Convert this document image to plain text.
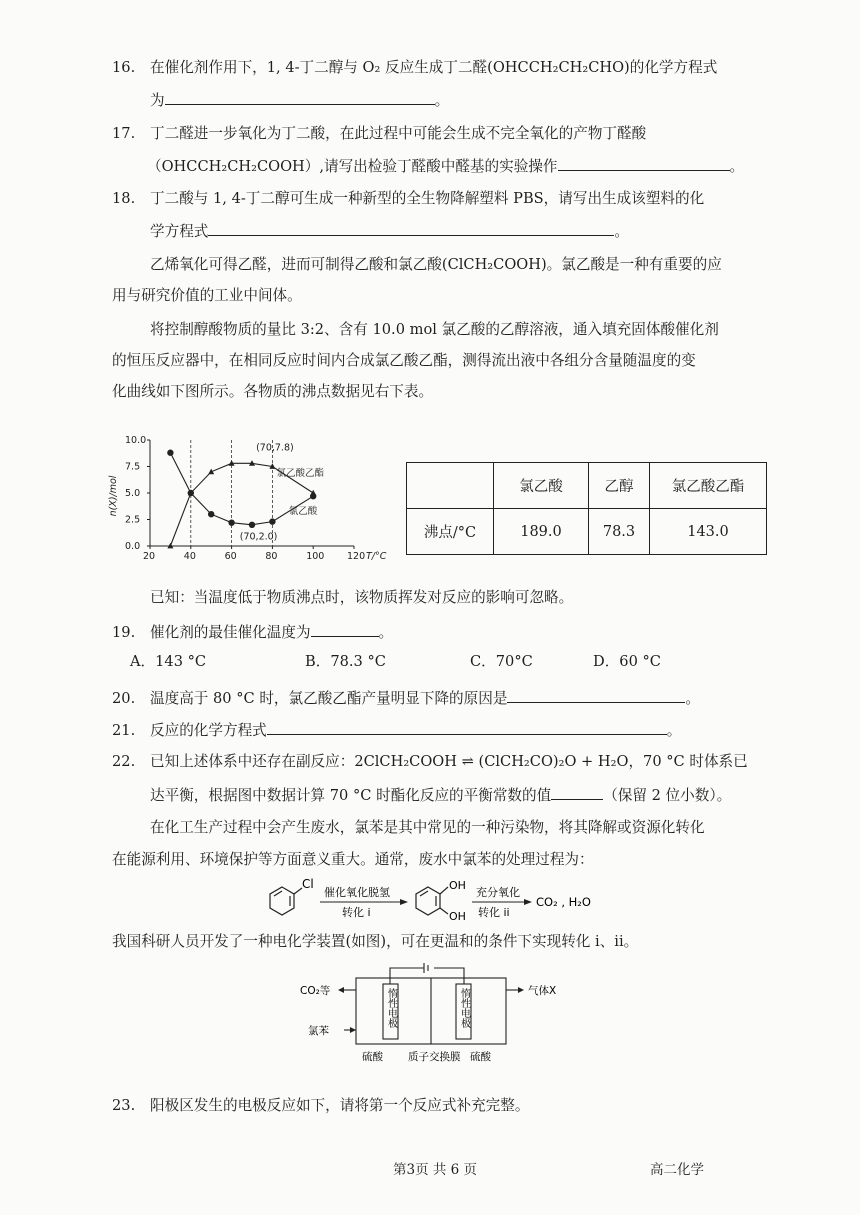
16. 在催化剂作用下，1, 4-丁二醇与 O₂ 反应生成丁二醛(OHCCH₂CH₂CHO)的化学方程式
为	。
17. 丁二醛进一步氧化为丁二酸，在此过程中可能会生成不完全氧化的产物丁醛酸
（OHCCH₂CH₂COOH）,请写出检验丁醛酸中醛基的实验操作	。
18. 丁二酸与 1, 4-丁二醇可生成一种新型的全生物降解塑料 PBS，请写出生成该塑料的化
学方程式	。
乙烯氧化可得乙醛，进而可制得乙酸和氯乙酸(ClCH₂COOH)。氯乙酸是一种有重要的应
用与研究价值的工业中间体。
将控制醇酸物质的量比 3:2、含有 10.0 mol 氯乙酸的乙醇溶液，通入填充固体酸催化剂
的恒压反应器中，在相同反应时间内合成氯乙酸乙酯，测得流出液中各组分含量随温度的变
化曲线如下图所示。各物质的沸点数据见右下表。
20	40	60	80	100 120
0.0
2.5
5.0
7.5
10.0
T/°C
n(X)/mol
氯乙酸乙酯
氯乙酸
(70,7.8)
(70,2.0)
	氯乙酸	乙醇	氯乙酸乙酯
沸点/°C	189.0	78.3	143.0
已知：当温度低于物质沸点时，该物质挥发对反应的影响可忽略。
19. 催化剂的最佳催化温度为	。
A．143 °C	B．78.3 °C	C．70°C	D．60 °C
20. 温度高于 80 °C 时，氯乙酸乙酯产量明显下降的原因是	。
21. 反应的化学方程式	。
22. 已知上述体系中还存在副反应：2ClCH₂COOH ⇌ (ClCH₂CO)₂O + H₂O，70 °C 时体系已
达平衡，根据图中数据计算 70 °C 时酯化反应的平衡常数的值	（保留 2 位小数）。
在化工生产过程中会产生废水，氯苯是其中常见的一种污染物，将其降解或资源化转化
在能源利用、环境保护等方面意义重大。通常，废水中氯苯的处理过程为：
Cl
催化氧化脱氢
转化 i
OH
OH
充分氧化
转化 ii
CO₂ , H₂O
我国科研人员开发了一种电化学装置(如图)，可在更温和的条件下实现转化 i、ii。
CO₂等	气体X
氯苯
惰性电极	惰性电极
硫酸 质子交换膜 硫酸
23. 阳极区发生的电极反应如下，请将第一个反应式补充完整。
第3页 共 6 页	高二化学
